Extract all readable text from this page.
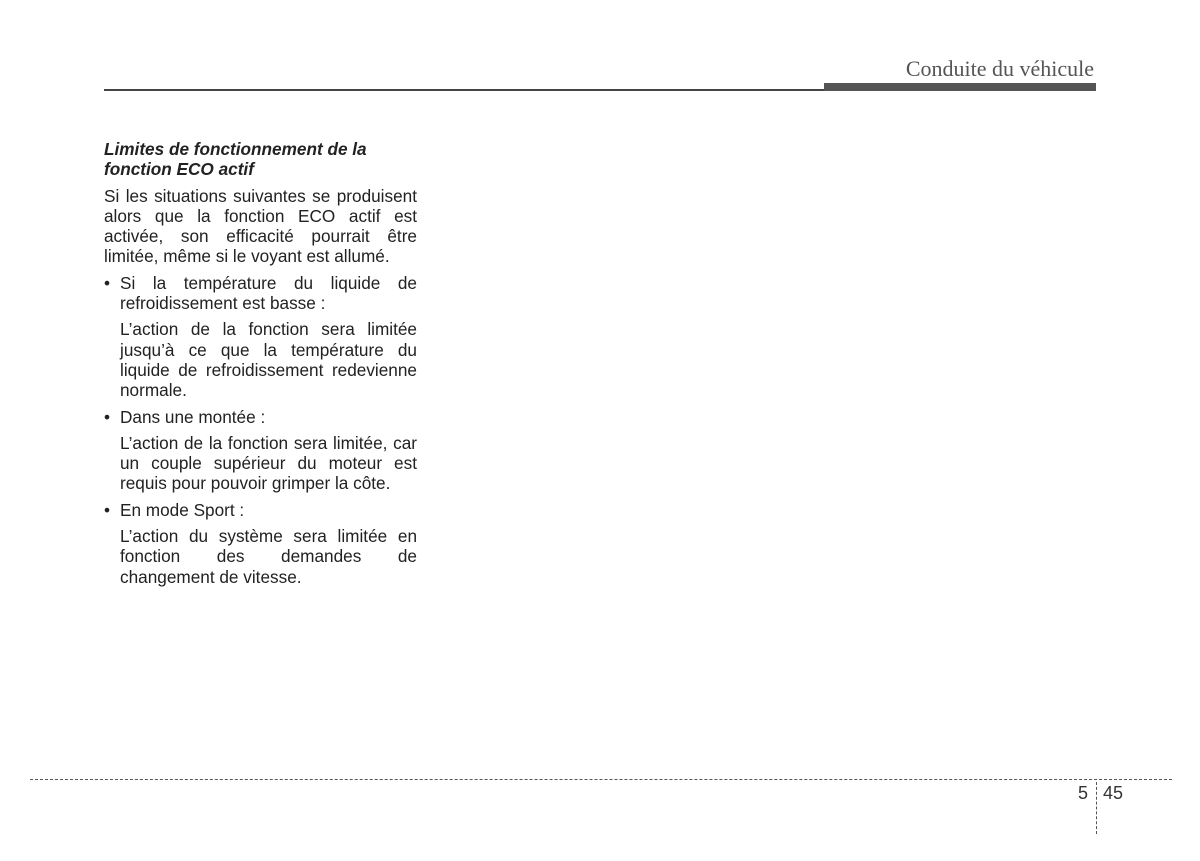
Conduite du véhicule

Limites de fonctionnement de la fonction ECO actif

Si les situations suivantes se produisent alors que la fonction ECO actif est activée, son efficacité pourrait être limitée, même si le voyant est allumé.

• Si la température du liquide de refroidissement est basse :
L’action de la fonction sera limitée jusqu’à ce que la température du liquide de refroidissement redevienne normale.
• Dans une montée :
L’action de la fonction sera limitée, car un couple supérieur du moteur est requis pour pouvoir grimper la côte.
• En mode Sport :
L’action du système sera limitée en fonction des demandes de changement de vitesse.
5 45
